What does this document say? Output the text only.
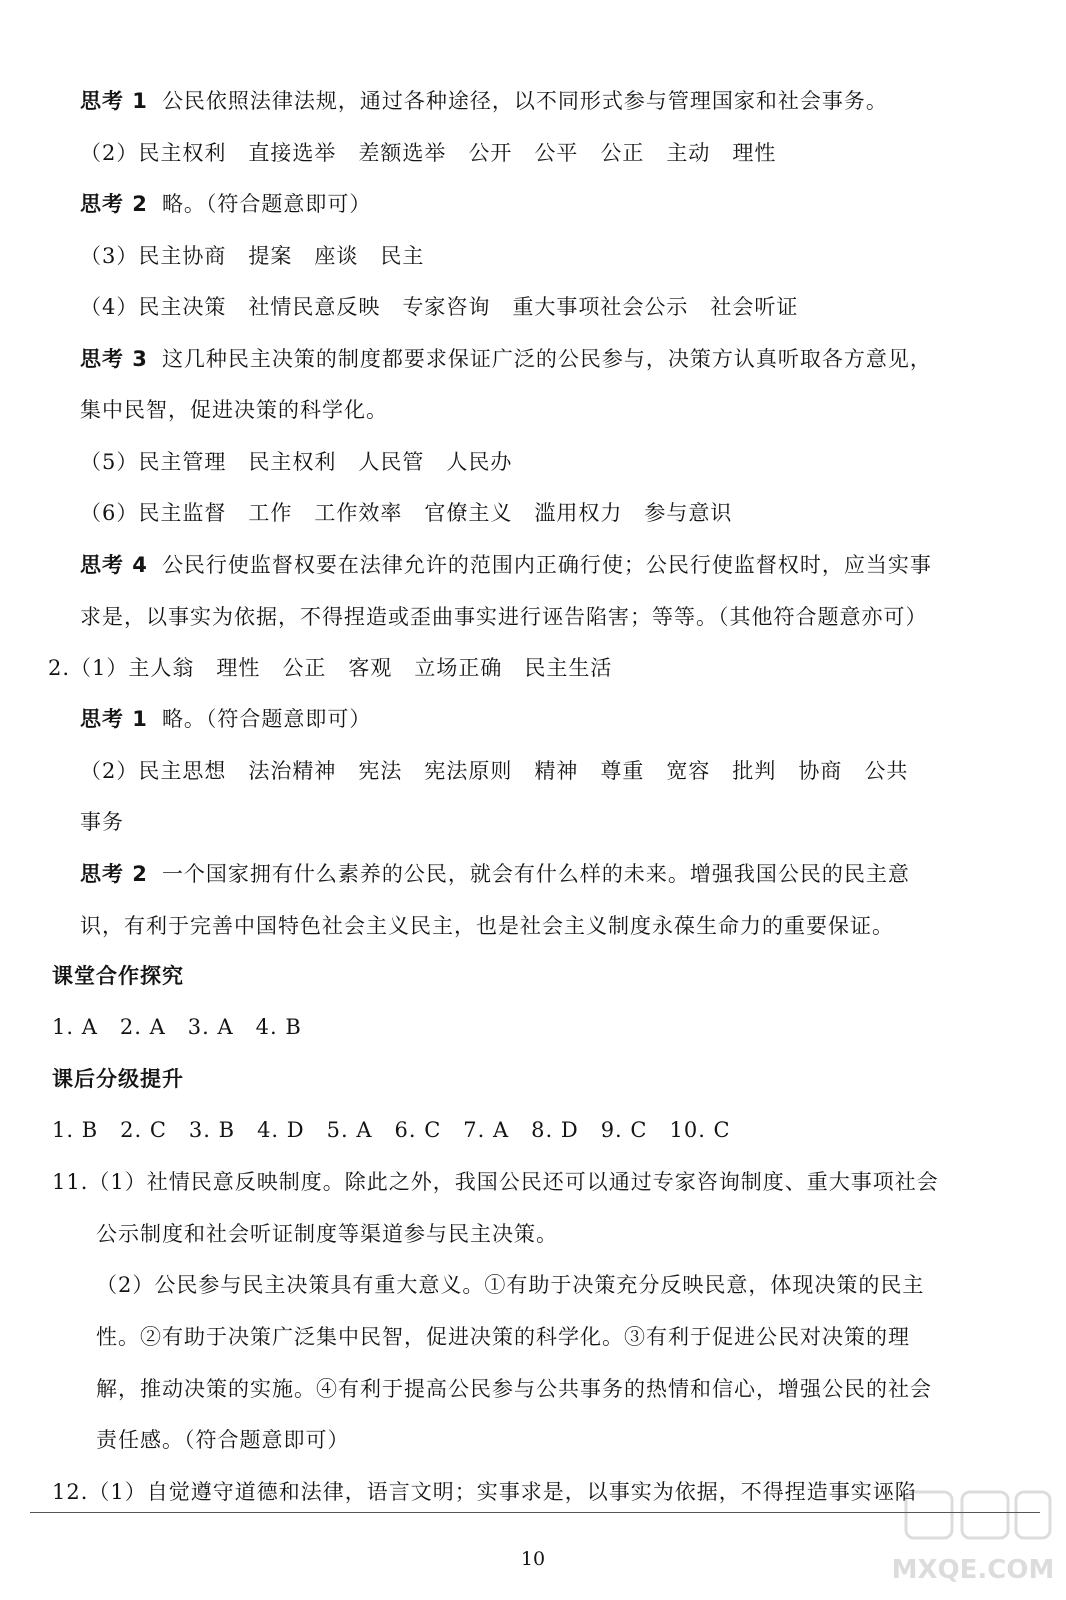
思考 1 公民依照法律法规，通过各种途径，以不同形式参与管理国家和社会事务。
（2）民主权利　直接选举　差额选举　公开　公平　公正　主动　理性
思考 2 略。（符合题意即可）
（3）民主协商　提案　座谈　民主
（4）民主决策　社情民意反映　专家咨询　重大事项社会公示　社会听证
思考 3 这几种民主决策的制度都要求保证广泛的公民参与，决策方认真听取各方意见，
集中民智，促进决策的科学化。
（5）民主管理　民主权利　人民管　人民办
（6）民主监督　工作　工作效率　官僚主义　滥用权力　参与意识
思考 4 公民行使监督权要在法律允许的范围内正确行使；公民行使监督权时，应当实事
求是，以事实为依据，不得捏造或歪曲事实进行诬告陷害；等等。（其他符合题意亦可）
2.（1）主人翁　理性　公正　客观　立场正确　民主生活
思考 1 略。（符合题意即可）
（2）民主思想　法治精神　宪法　宪法原则　精神　尊重　宽容　批判　协商　公共
事务
思考 2 一个国家拥有什么素养的公民，就会有什么样的未来。增强我国公民的民主意
识，有利于完善中国特色社会主义民主，也是社会主义制度永葆生命力的重要保证。
课堂合作探究
1. A　2. A　3. A　4. B
课后分级提升
1. B　2. C　3. B　4. D　5. A　6. C　7. A　8. D　9. C　10. C
11.（1）社情民意反映制度。除此之外，我国公民还可以通过专家咨询制度、重大事项社会
公示制度和社会听证制度等渠道参与民主决策。
（2）公民参与民主决策具有重大意义。①有助于决策充分反映民意，体现决策的民主
性。②有助于决策广泛集中民智，促进决策的科学化。③有利于促进公民对决策的理
解，推动决策的实施。④有利于提高公民参与公共事务的热情和信心，增强公民的社会
责任感。（符合题意即可）
12.（1）自觉遵守道德和法律，语言文明；实事求是，以事实为依据，不得捏造事实诬陷
10	MXQE.COM
